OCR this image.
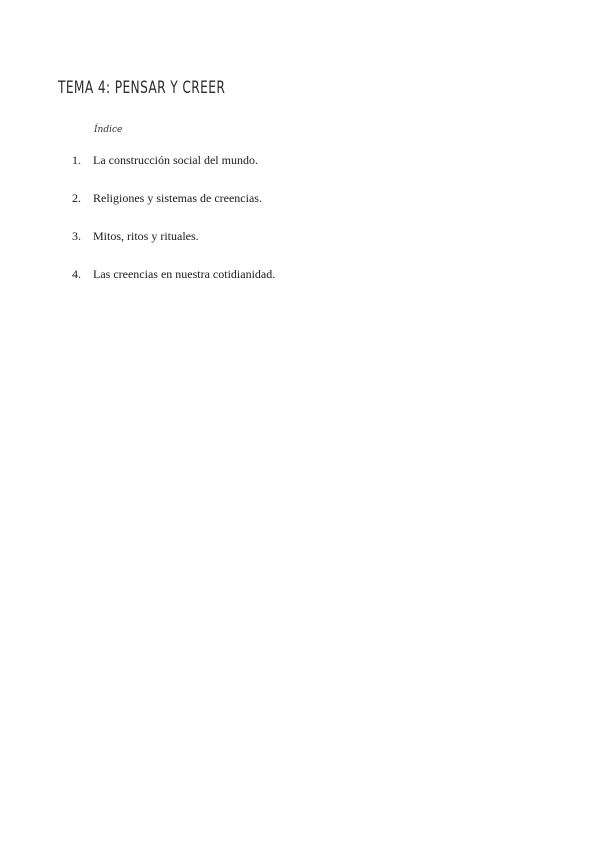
TEMA 4: PENSAR Y CREER
Índice
1.	La construcción social del mundo.
2.	Religiones y sistemas de creencias.
3.	Mitos, ritos y rituales.
4.	Las creencias en nuestra cotidianidad.
